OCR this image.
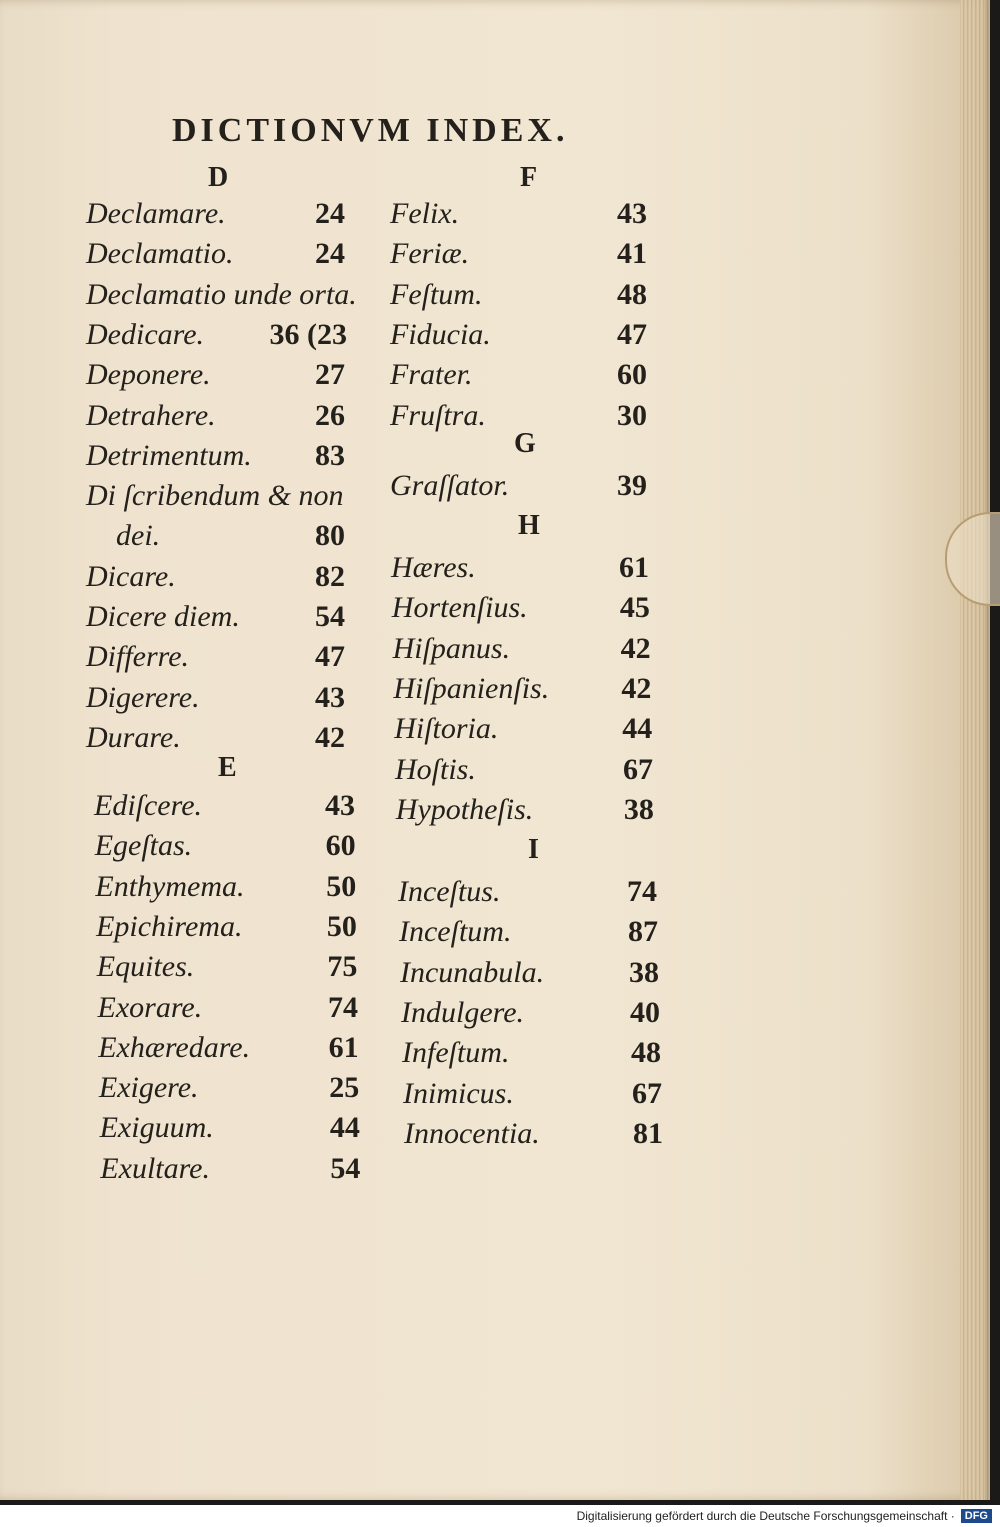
DICTIONVM INDEX.
D
Declamare.	24
Declamatio.	24
Declamatio unde orta.
Dedicare. 36 (23
Deponere.	27
Detrahere.	26
Detrimentum. 83
Di ſcribendum & non
dei.	80
Dicare.	82
Dicere diem.	54
Differre.	47
Digerere.	43
Durare.	42
E
Ediſcere.	43
Egeſtas.	60
Enthymema.	50
Epichirema.	50
Equites.	75
Exorare.	74
Exhæredare.	61
Exigere.	25
Exiguum.	44
Exultare.	54
F
Felix.	43
Feriæ.	41
Feſtum.	48
Fiducia.	47
Frater.	60
Fruſtra.	30
G
Graſſator.	39
H
Hæres.	61
Hortenſius.	45
Hiſpanus.	42
Hiſpanienſis. 42
Hiſtoria.	44
Hoſtis.	67
Hypotheſis.	38
I
Inceſtus.	74
Inceſtum.	87
Incunabula.	38
Indulgere.	40
Infeſtum.	48
Inimicus.	67
Innocentia.	81
Digitalisierung gefördert durch die Deutsche Forschungsgemeinschaft · DFG
